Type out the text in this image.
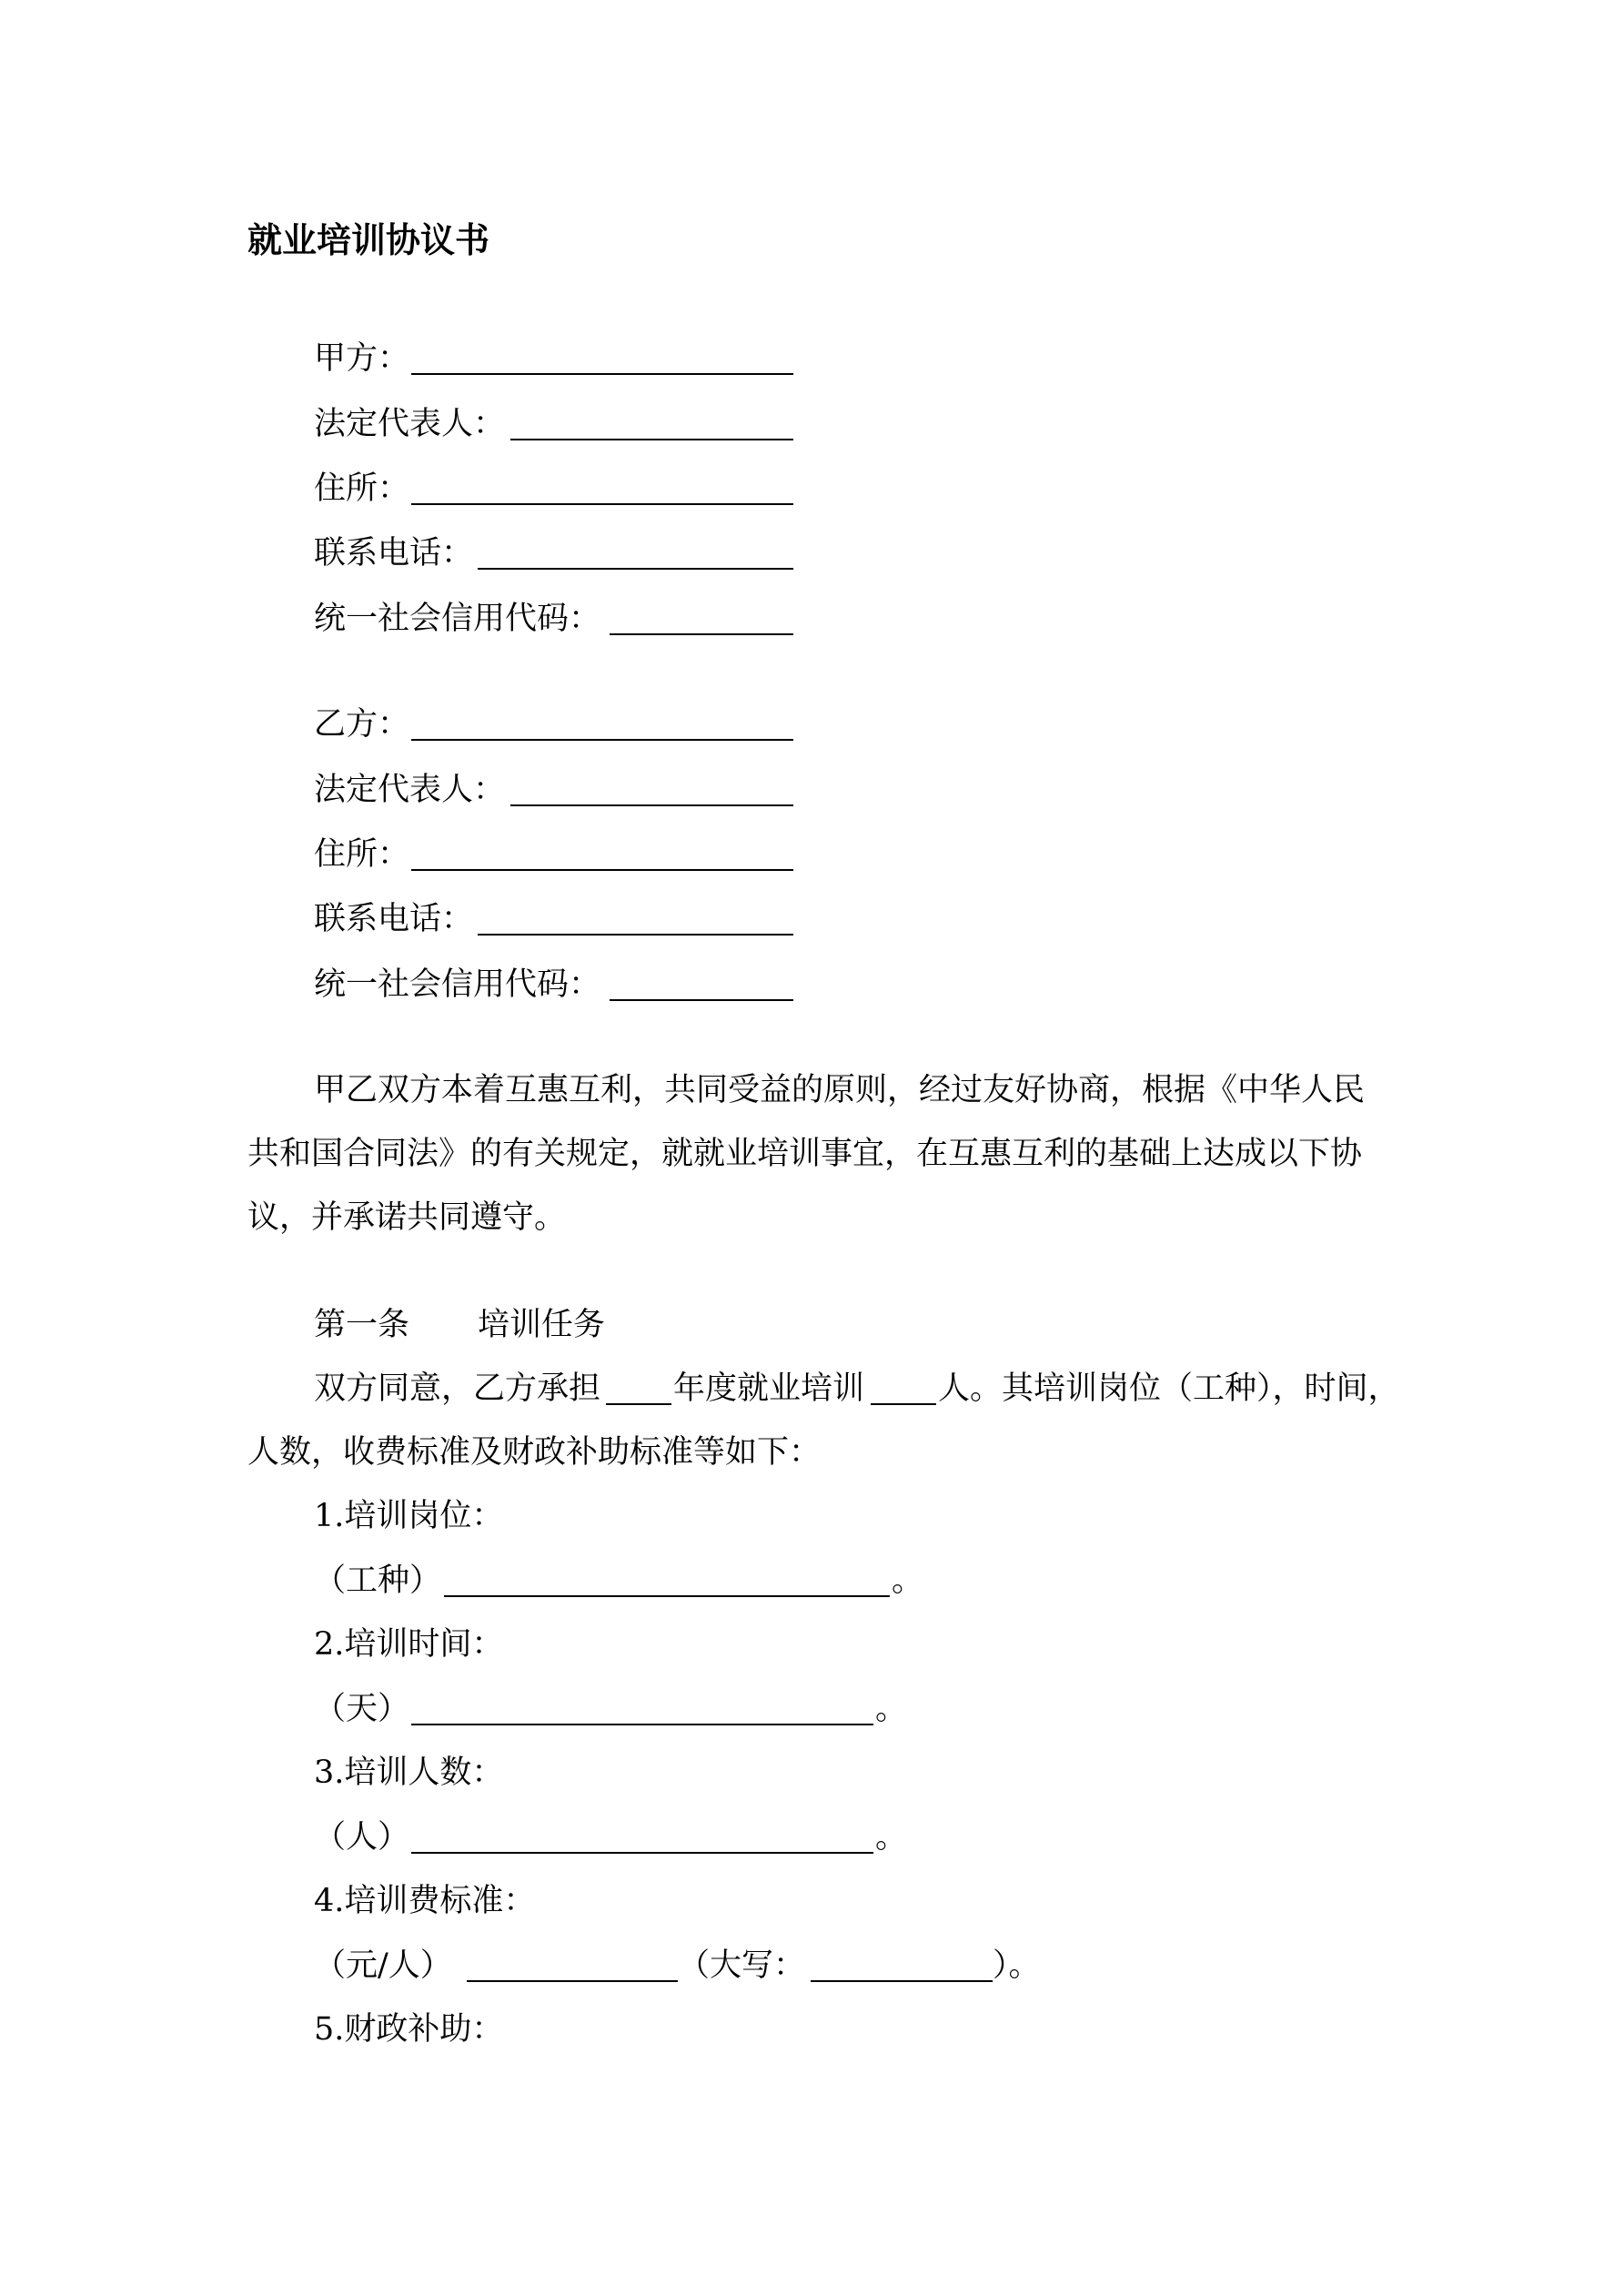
就业培训协议书
甲方：
法定代表人：
住所：
联系电话：
统一社会信用代码：
乙方：
法定代表人：
住所：
联系电话：
统一社会信用代码：
甲乙双方本着互惠互利，共同受益的原则，经过友好协商，根据《中华人民
共和国合同法》的有关规定，就就业培训事宜，在互惠互利的基础上达成以下协
议，并承诺共同遵守。
第一条 培训任务
双方同意，乙方承担 年度就业培训 人。其培训岗位（工种），时间，
人数，收费标准及财政补助标准等如下：
1.培训岗位：
（工种）	。
2.培训时间：
（天）	。
3.培训人数：
（人）	。
4.培训费标准：
（元/人）	（大写：	）。
5.财政补助：
